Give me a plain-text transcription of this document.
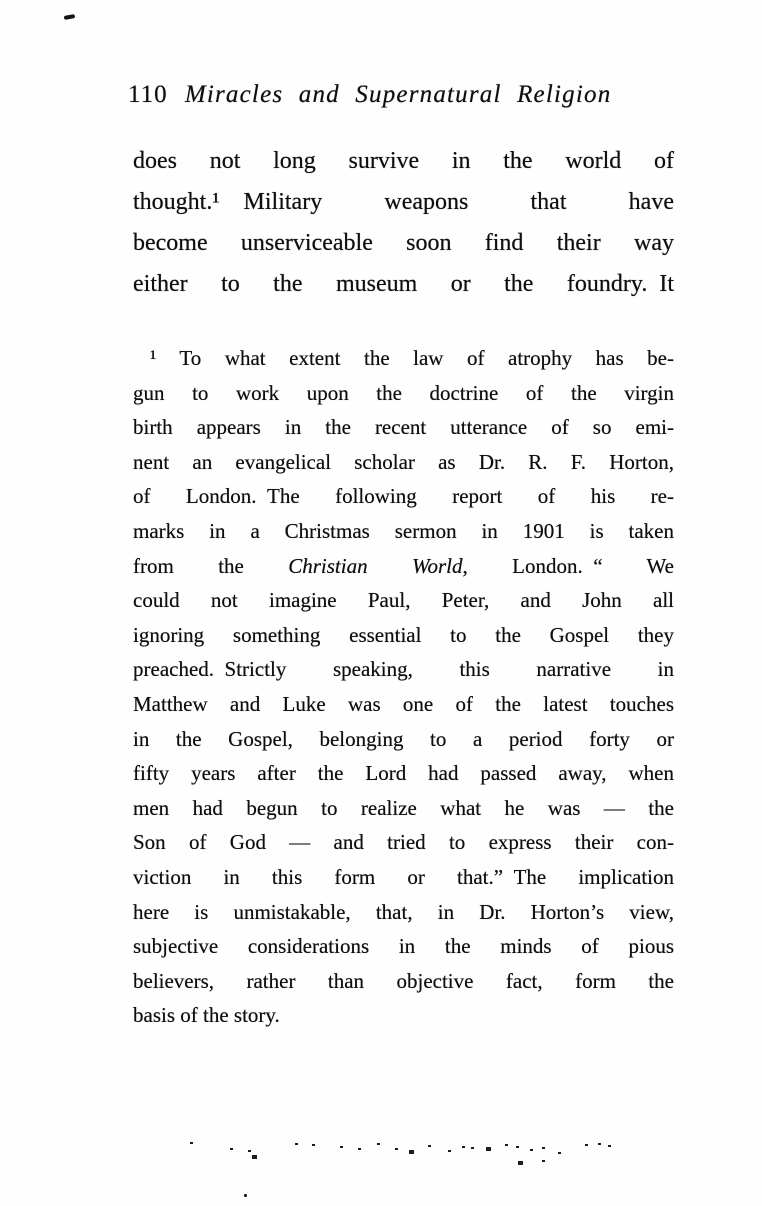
110 Miracles and Supernatural Religion
does not long survive in the world of
thought.¹ Military weapons that have
become unserviceable soon find their way
either to the museum or the foundry. It
¹ To what extent the law of atrophy has be-
gun to work upon the doctrine of the virgin
birth appears in the recent utterance of so emi-
nent an evangelical scholar as Dr. R. F. Horton,
of London. The following report of his re-
marks in a Christmas sermon in 1901 is taken
from the Christian World, London. “ We
could not imagine Paul, Peter, and John all
ignoring something essential to the Gospel they
preached. Strictly speaking, this narrative in
Matthew and Luke was one of the latest touches
in the Gospel, belonging to a period forty or
fifty years after the Lord had passed away, when
men had begun to realize what he was — the
Son of God — and tried to express their con-
viction in this form or that.” The implication
here is unmistakable, that, in Dr. Horton’s view,
subjective considerations in the minds of pious
believers, rather than objective fact, form the
basis of the story.
